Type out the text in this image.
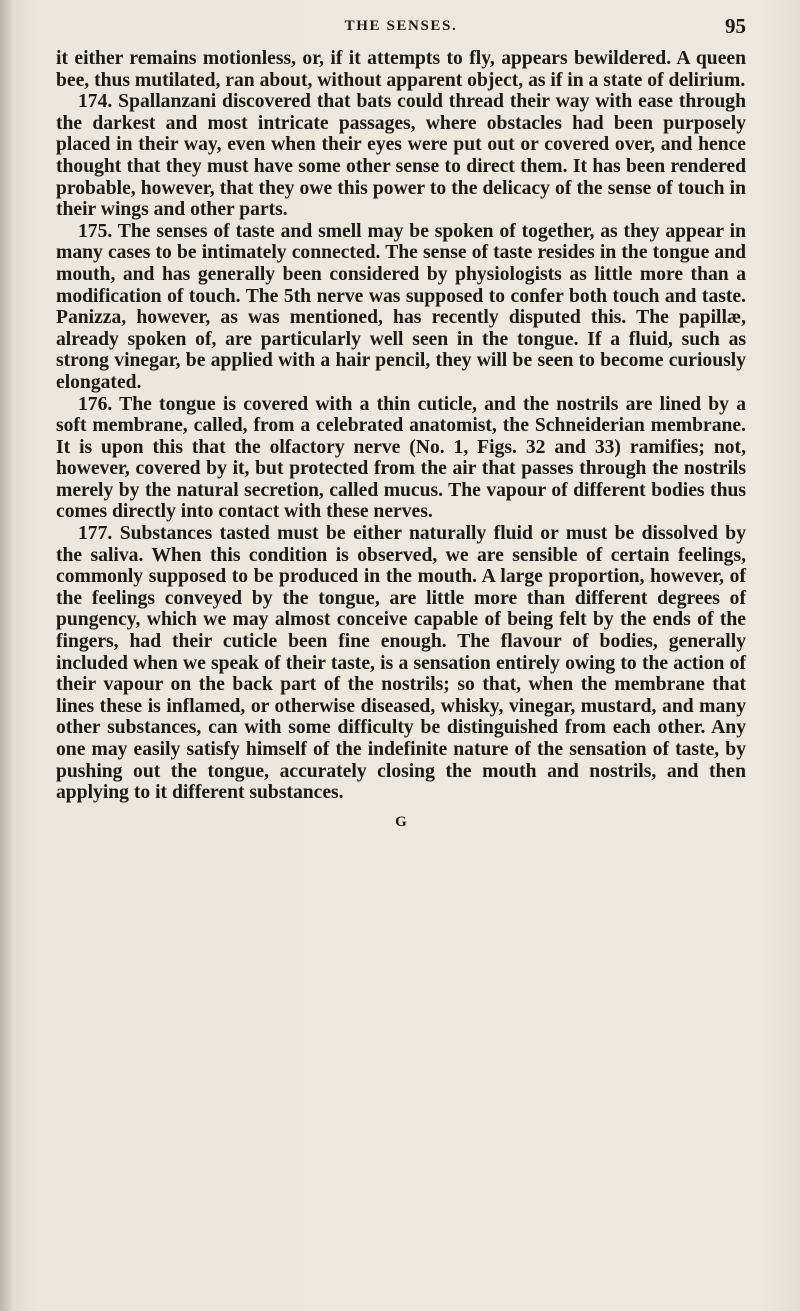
THE SENSES.	95

it either remains motionless, or, if it attempts to fly, appears bewildered. A queen bee, thus mutilated, ran about, without apparent object, as if in a state of delirium.

174. Spallanzani discovered that bats could thread their way with ease through the darkest and most intricate passages, where obstacles had been purposely placed in their way, even when their eyes were put out or covered over, and hence thought that they must have some other sense to direct them. It has been rendered probable, however, that they owe this power to the delicacy of the sense of touch in their wings and other parts.

175. The senses of taste and smell may be spoken of together, as they appear in many cases to be intimately connected. The sense of taste resides in the tongue and mouth, and has generally been considered by physiologists as little more than a modification of touch. The 5th nerve was supposed to confer both touch and taste. Panizza, however, as was mentioned, has recently disputed this. The papillæ, already spoken of, are particularly well seen in the tongue. If a fluid, such as strong vinegar, be applied with a hair pencil, they will be seen to become curiously elongated.

176. The tongue is covered with a thin cuticle, and the nostrils are lined by a soft membrane, called, from a celebrated anatomist, the Schneiderian membrane. It is upon this that the olfactory nerve (No. 1, Figs. 32 and 33) ramifies; not, however, covered by it, but protected from the air that passes through the nostrils merely by the natural secretion, called mucus. The vapour of different bodies thus comes directly into contact with these nerves.

177. Substances tasted must be either naturally fluid or must be dissolved by the saliva. When this condition is observed, we are sensible of certain feelings, commonly supposed to be produced in the mouth. A large proportion, however, of the feelings conveyed by the tongue, are little more than different degrees of pungency, which we may almost conceive capable of being felt by the ends of the fingers, had their cuticle been fine enough. The flavour of bodies, generally included when we speak of their taste, is a sensation entirely owing to the action of their vapour on the back part of the nostrils; so that, when the membrane that lines these is inflamed, or otherwise diseased, whisky, vinegar, mustard, and many other substances, can with some difficulty be distinguished from each other. Any one may easily satisfy himself of the indefinite nature of the sensation of taste, by pushing out the tongue, accurately closing the mouth and nostrils, and then applying to it different substances.

G
